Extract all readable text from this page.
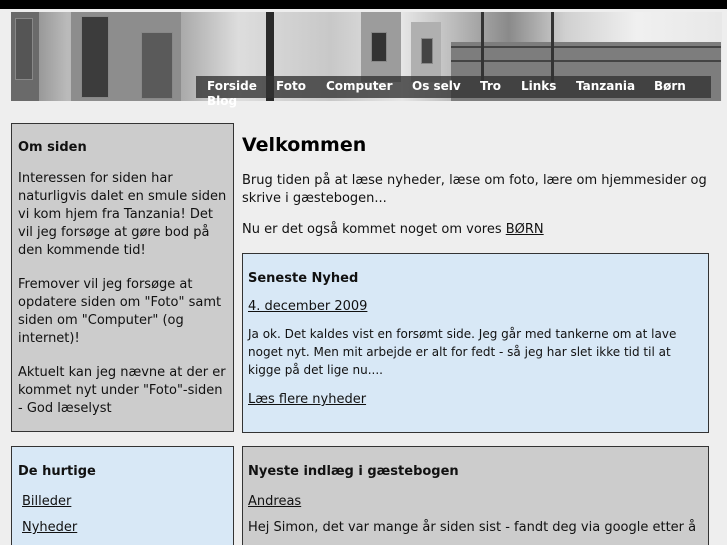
Forside Foto Computer Os selv Tro Links Tanzania Børn
Blog
Om siden

Interessen for siden har naturligvis dalet en smule siden vi kom hjem fra Tanzania! Det vil jeg forsøge at gøre bod på den kommende tid!

Fremover vil jeg forsøge at opdatere siden om "Foto" samt siden om "Computer" (og internet)!

Aktuelt kan jeg nævne at der er kommet nyt under "Foto"-siden - God læselyst

De hurtige

Billeder

Nyheder

Velkommen

Brug tiden på at læse nyheder, læse om foto, lære om hjemmesider og skrive i gæstebogen...

Nu er det også kommet noget om vores BØRN

Seneste Nyhed

4. december 2009

Ja ok. Det kaldes vist en forsømt side. Jeg går med tankerne om at lave noget nyt. Men mit arbejde er alt for fedt - så jeg har slet ikke tid til at kigge på det lige nu....

Læs flere nyheder

Nyeste indlæg i gæstebogen

Andreas

Hej Simon, det var mange år siden sist - fandt deg via google etter å
